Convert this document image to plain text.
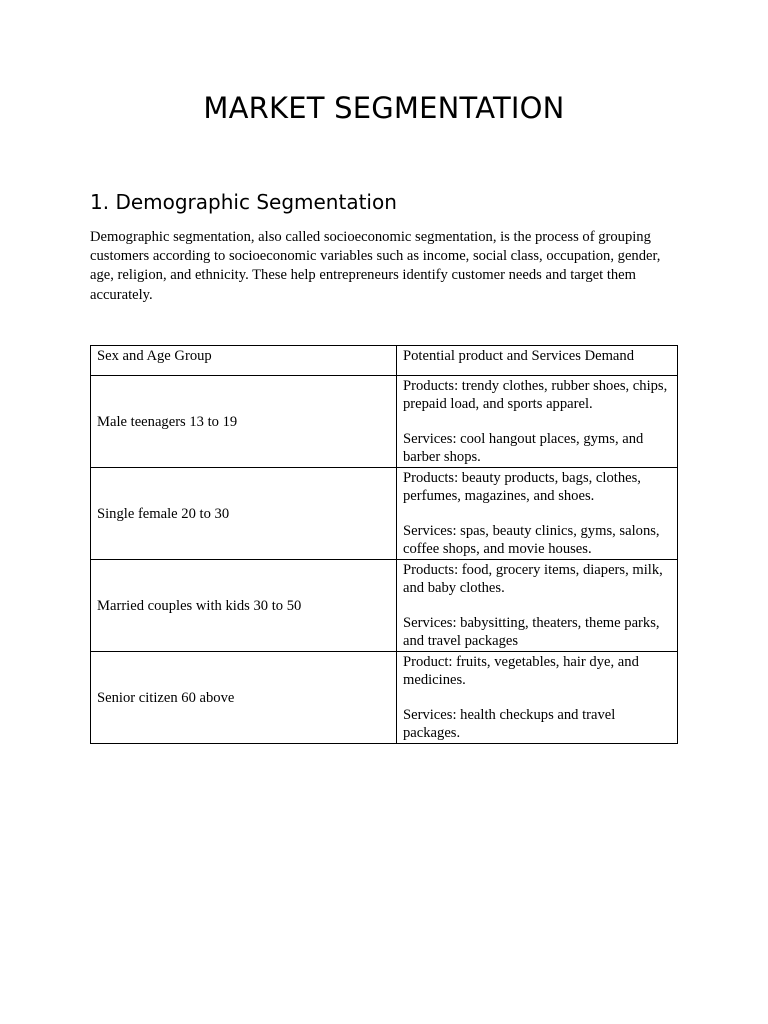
MARKET SEGMENTATION
1. Demographic Segmentation

Demographic segmentation, also called socioeconomic segmentation, is the process of grouping customers according to socioeconomic variables such as income, social class, occupation, gender, age, religion, and ethnicity. These help entrepreneurs identify customer needs and target them accurately.

Sex and Age Group	Potential product and Services Demand
Male teenagers 13 to 19	Products: trendy clothes, rubber shoes, chips, prepaid load, and sports apparel.
Services: cool hangout places, gyms, and barber shops.

Single female 20 to 30	Products: beauty products, bags, clothes, perfumes, magazines, and shoes.
Services: spas, beauty clinics, gyms, salons, coffee shops, and movie houses.

Married couples with kids 30 to 50	Products: food, grocery items, diapers, milk, and baby clothes.
Services: babysitting, theaters, theme parks, and travel packages

Senior citizen 60 above	Product: fruits, vegetables, hair dye, and medicines.
Services: health checkups and travel packages.
